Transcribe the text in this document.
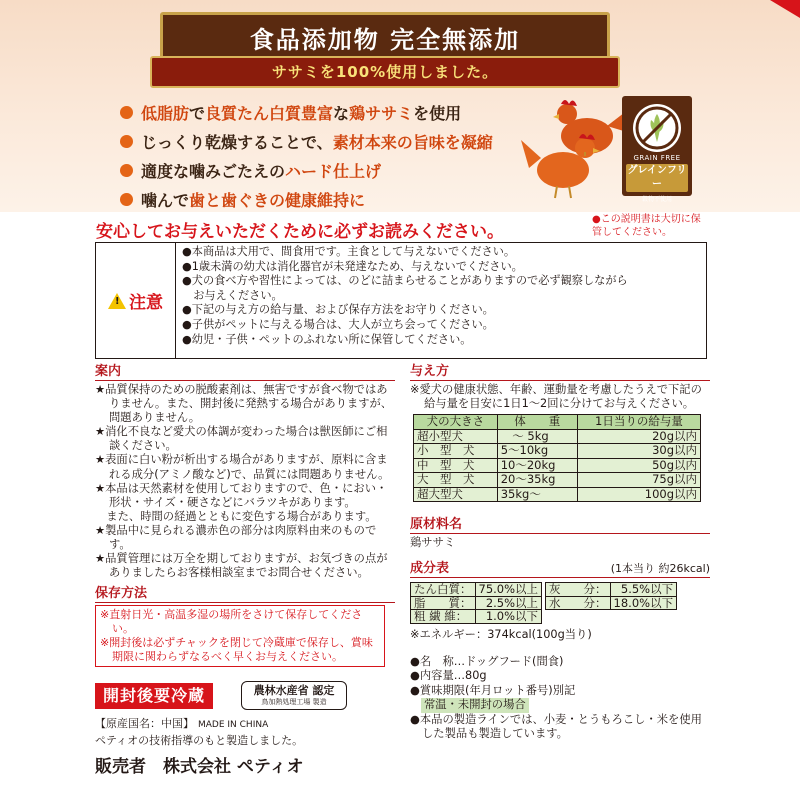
食品添加物 完全無添加
ササミを100%使用しました。
低脂肪 で 良質たん白質豊富 な 鶏ササミ を使用
じっくり乾燥することで、 素材本来の旨味を凝縮
適度な噛みごたえの ハード仕上げ
噛んで 歯と歯ぐきの健康維持に
GRAIN FREE
グレインフリー
穀物不使用
安心してお与えいただくために必ずお読みください。
●この説明書は大切に保管してください。
! 注意
●本商品は犬用で、間食用です。主食として与えないでください。
●1歳未満の幼犬は消化器官が未発達なため、与えないでください。
●犬の食べ方や習性によっては、のどに詰まらせることがありますので必ず観察しながら
　お与えください。
●下記の与え方の給与量、および保存方法をお守りください。
●子供がペットに与える場合は、大人が立ち会ってください。
●幼児・子供・ペットのふれない所に保管してください。
案内
★品質保持のための脱酸素剤は、無害ですが食べ物ではありません。また、開封後に発熱する場合がありますが、問題ありません。
★消化不良など愛犬の体調が変わった場合は獣医師にご相談ください。
★表面に白い粉が析出する場合がありますが、原料に含まれる成分(アミノ酸など)で、品質には問題ありません。
★本品は天然素材を使用しておりますので、色・におい・形状・サイズ・硬さなどにバラツキがあります。
　また、時間の経過とともに変色する場合があります。
★製品中に見られる濃赤色の部分は肉原料由来のものです。
★品質管理には万全を期しておりますが、お気づきの点がありましたらお客様相談室までお問合せください。
保存方法
※直射日光・高温多湿の場所をさけて保存してください。
※開封後は必ずチャックを閉じて冷蔵庫で保存し、賞味期限に関わらずなるべく早くお与えください。
開封後要冷蔵	農林水産省 認定
鳥加熱処理工場 製造
【原産国名：中国】 MADE IN CHINA
ペティオの技術指導のもと製造しました。
販売者　株式会社 ペティオ
与え方
※愛犬の健康状態、年齢、運動量を考慮したうえで下記の給与量を目安に1日1〜2回に分けてお与えください。
犬の大きさ	体　　重	1日当りの給与量
超小型犬	　〜 5kg	20g以内
小　型　犬	5〜10kg	30g以内
中　型　犬	10〜20kg	50g以内
大　型　犬	20〜35kg	75g以内
超大型犬	35kg〜	100g以内
原材料名
鶏ササミ
成分表	(1本当り 約26kcal)
たん白質：	75.0%以上
脂　　質：	2.5%以上
粗 繊 維：	1.0%以下
灰　　分：	5.5%以下
水　　分：	18.0%以下
※エネルギー：374kcal(100g当り)
●名　称…ドッグフード(間食)
●内容量…80g
●賞味期限(年月ロット番号)別記
常温・未開封の場合
●本品の製造ラインでは、小麦・とうもろこし・米を使用した製品も製造しています。
